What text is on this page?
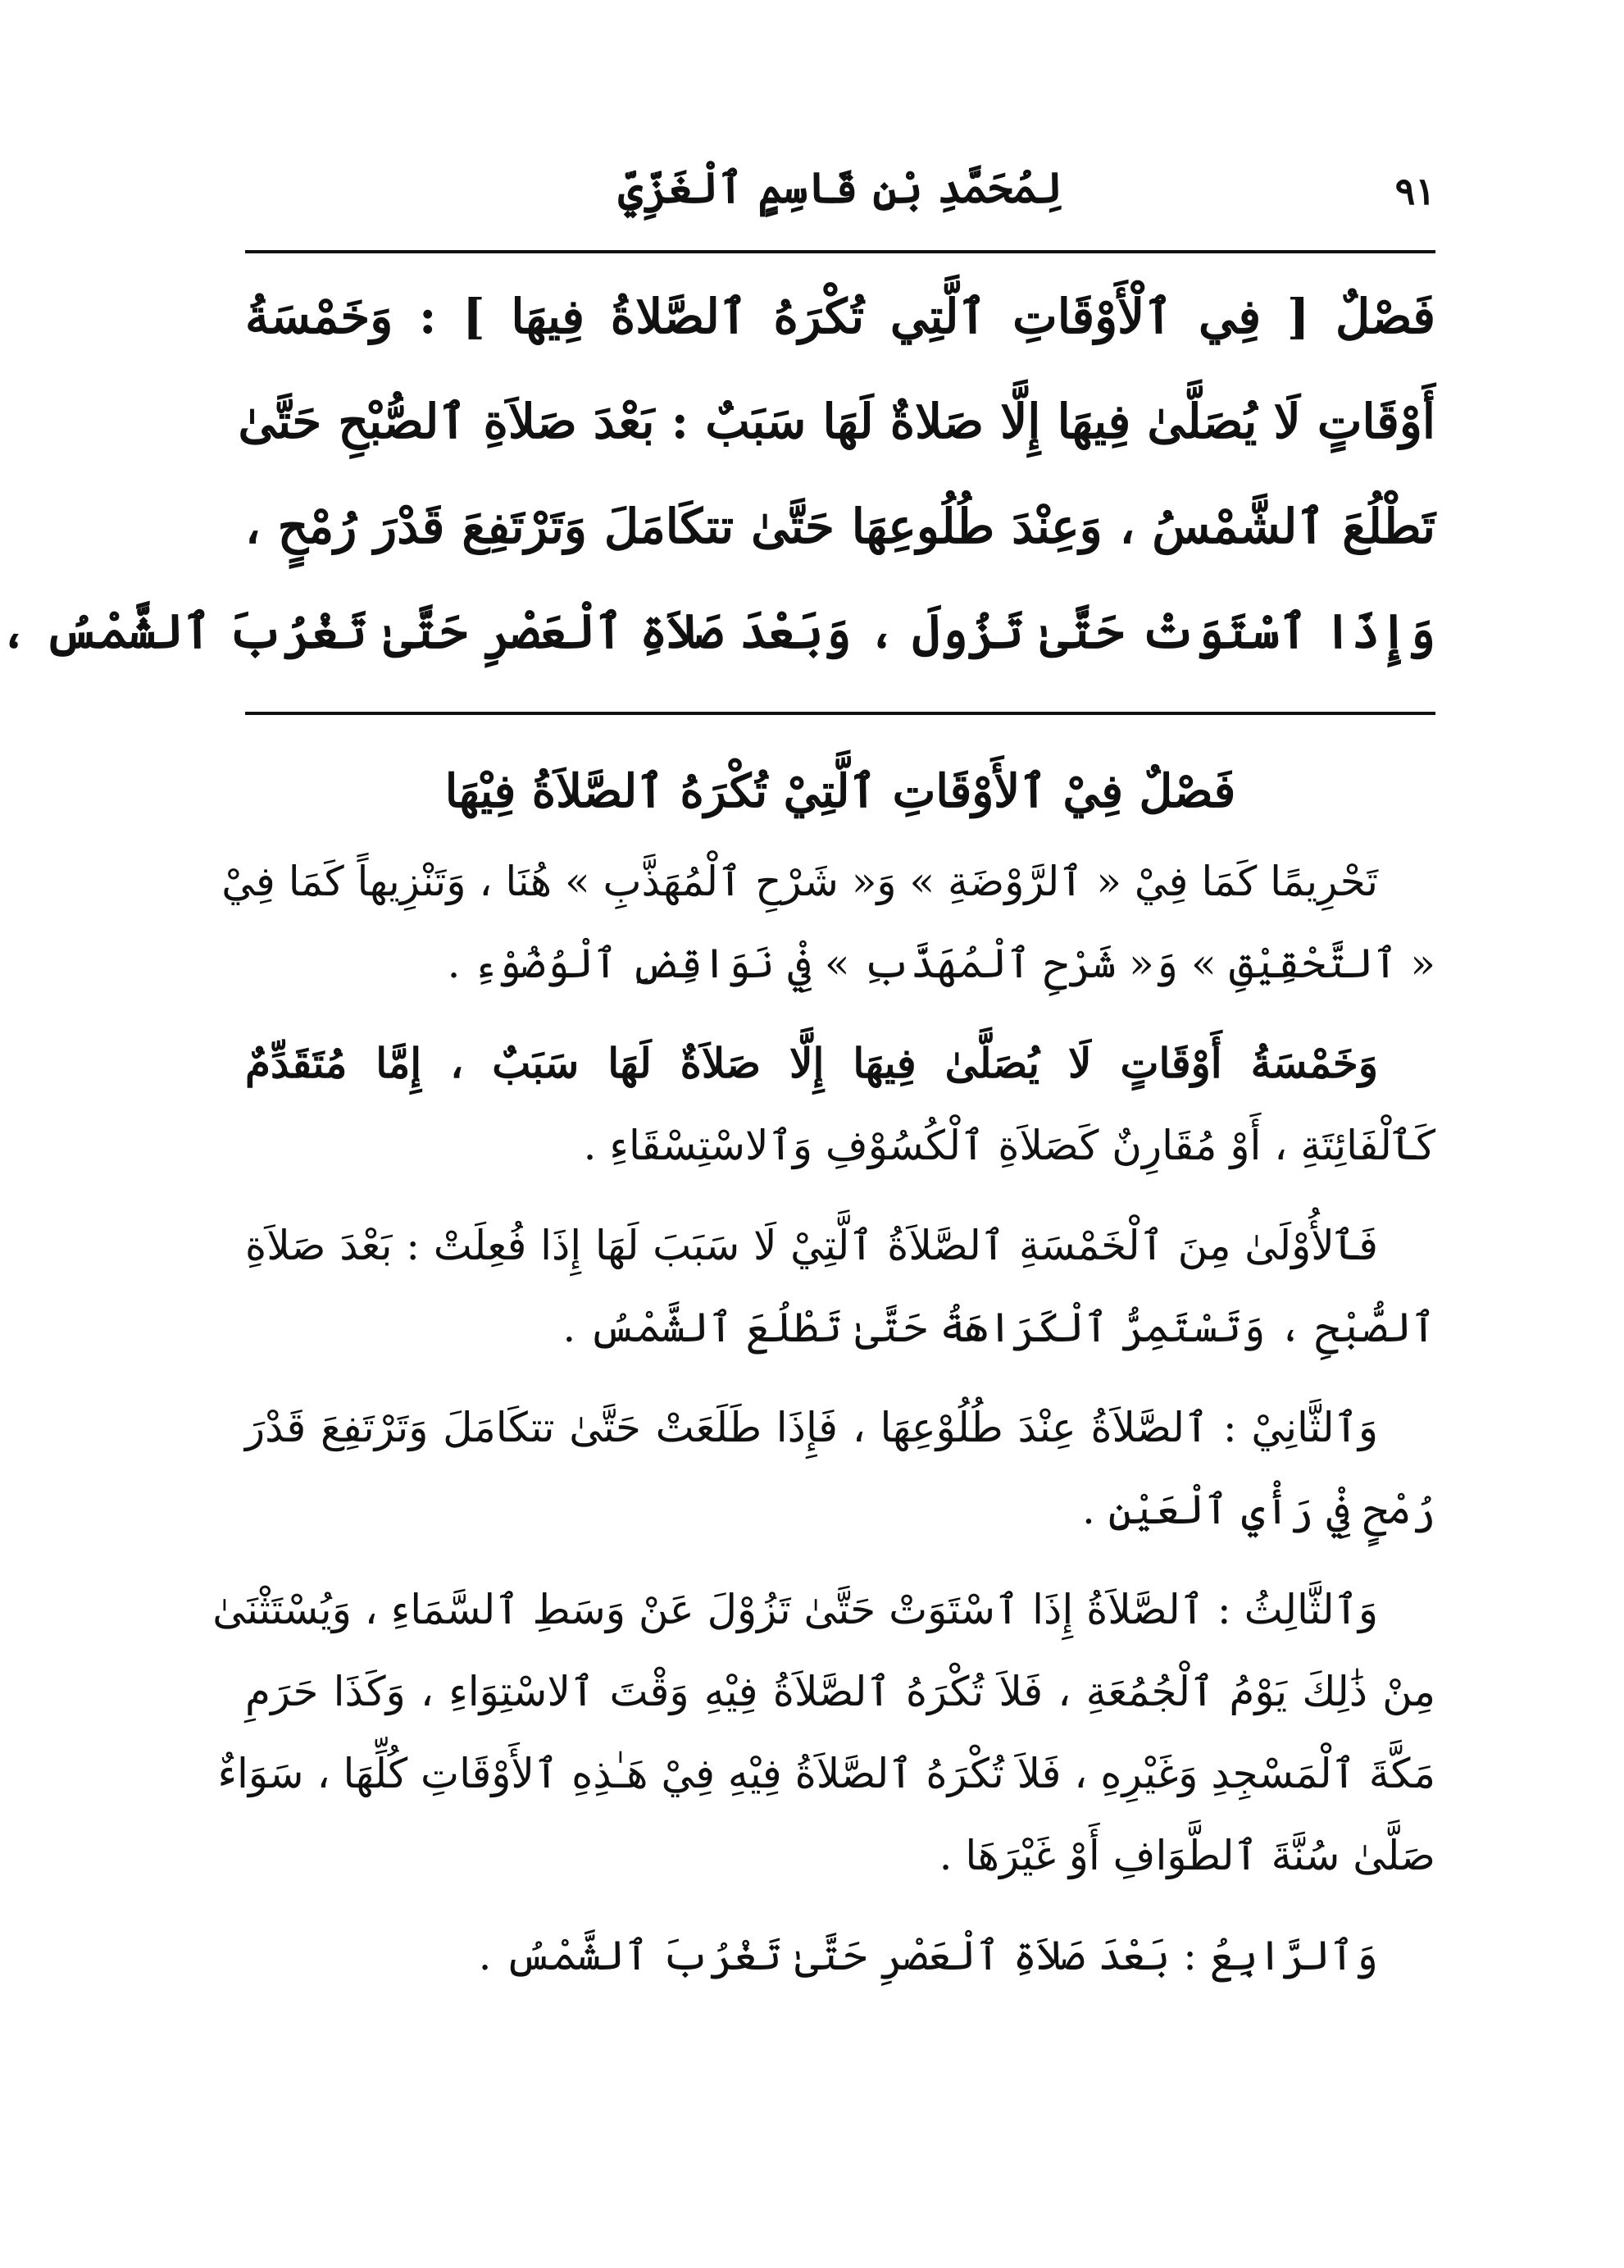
لِمُحَمَّدِ بْنِ قَاسِمٍ ٱلْغَزِّيِّ	٩١
فَصْلٌ [ فِي ٱلْأَوْقَاتِ ٱلَّتِي تُكْرَهُ ٱلصَّلاةُ فِيهَا ] : وَخَمْسَةُ
أَوْقَاتٍ لَا يُصَلَّىٰ فِيهَا إِلَّا صَلاةٌ لَهَا سَبَبٌ : بَعْدَ صَلاَةِ ٱلصُّبْحِ حَتَّىٰ
تَطْلُعَ ٱلشَّمْسُ ، وَعِنْدَ طُلُوعِهَا حَتَّىٰ تتكَامَلَ وَتَرْتَفِعَ قَدْرَ رُمْحٍ ،
وَإِذَا ٱسْتَوَتْ حَتَّىٰ تَزُولَ ، وَبَعْدَ صَلاَةِ ٱلْعَصْرِ حَتَّىٰ تَغْرُبَ ٱلشَّمْسُ ،
فَصْلٌ فِيْ ٱلأَوْقَاتِ ٱلَّتِيْ تُكْرَهُ ٱلصَّلاَةُ فِيْهَا
تَحْرِيمًا كَمَا فِيْ « ٱلرَّوْضَةِ » وَ« شَرْحِ ٱلْمُهَذَّبِ » هُنَا ، وَتَنْزِيهاً كَمَا فِيْ
« ٱلتَّحْقِيْقِ » وَ« شَرْحِ ٱلْمُهَذَّبِ » فِيْ نَوَاقِضِ ٱلْوُضُوْءِ .
وَخَمْسَةُ أَوْقَاتٍ لَا يُصَلَّىٰ فِيهَا إِلَّا صَلاَةٌ لَهَا سَبَبٌ ، إِمَّا مُتَقَدِّمٌ
كَٱلْفَائِتَةِ ، أَوْ مُقَارِنٌ كَصَلاَةِ ٱلْكُسُوْفِ وَٱلاسْتِسْقَاءِ .
فَٱلأُوْلَىٰ مِنَ ٱلْخَمْسَةِ ٱلصَّلاَةُ ٱلَّتِيْ لَا سَبَبَ لَهَا إِذَا فُعِلَتْ : بَعْدَ صَلاَةِ
ٱلصُّبْحِ ، وَتَسْتَمِرُّ ٱلْكَرَاهَةُ حَتَّىٰ تَطْلُعَ ٱلشَّمْسُ .
وَٱلثَّانِيْ : ٱلصَّلاَةُ عِنْدَ طُلُوْعِهَا ، فَإِذَا طَلَعَتْ حَتَّىٰ تتكَامَلَ وَتَرْتَفِعَ قَدْرَ
رُمْحٍ فِيْ رَأْيِ ٱلْعَيْنِ .
وَٱلثَّالِثُ : ٱلصَّلاَةُ إِذَا ٱسْتَوَتْ حَتَّىٰ تَزُوْلَ عَنْ وَسَطِ ٱلسَّمَاءِ ، وَيُسْتَثْنَىٰ
مِنْ ذَٰلِكَ يَوْمُ ٱلْجُمُعَةِ ، فَلاَ تُكْرَهُ ٱلصَّلاَةُ فِيْهِ وَقْتَ ٱلاسْتِوَاءِ ، وَكَذَا حَرَمِ
مَكَّةَ ٱلْمَسْجِدِ وَغَيْرِهِ ، فَلاَ تُكْرَهُ ٱلصَّلاَةُ فِيْهِ فِيْ هَـٰذِهِ ٱلأَوْقَاتِ كُلِّهَا ، سَوَاءٌ
صَلَّىٰ سُنَّةَ ٱلطَّوَافِ أَوْ غَيْرَهَا .
وَٱلرَّابِعُ : بَعْدَ صَلاَةِ ٱلْعَصْرِ حَتَّىٰ تَغْرُبَ ٱلشَّمْسُ .
